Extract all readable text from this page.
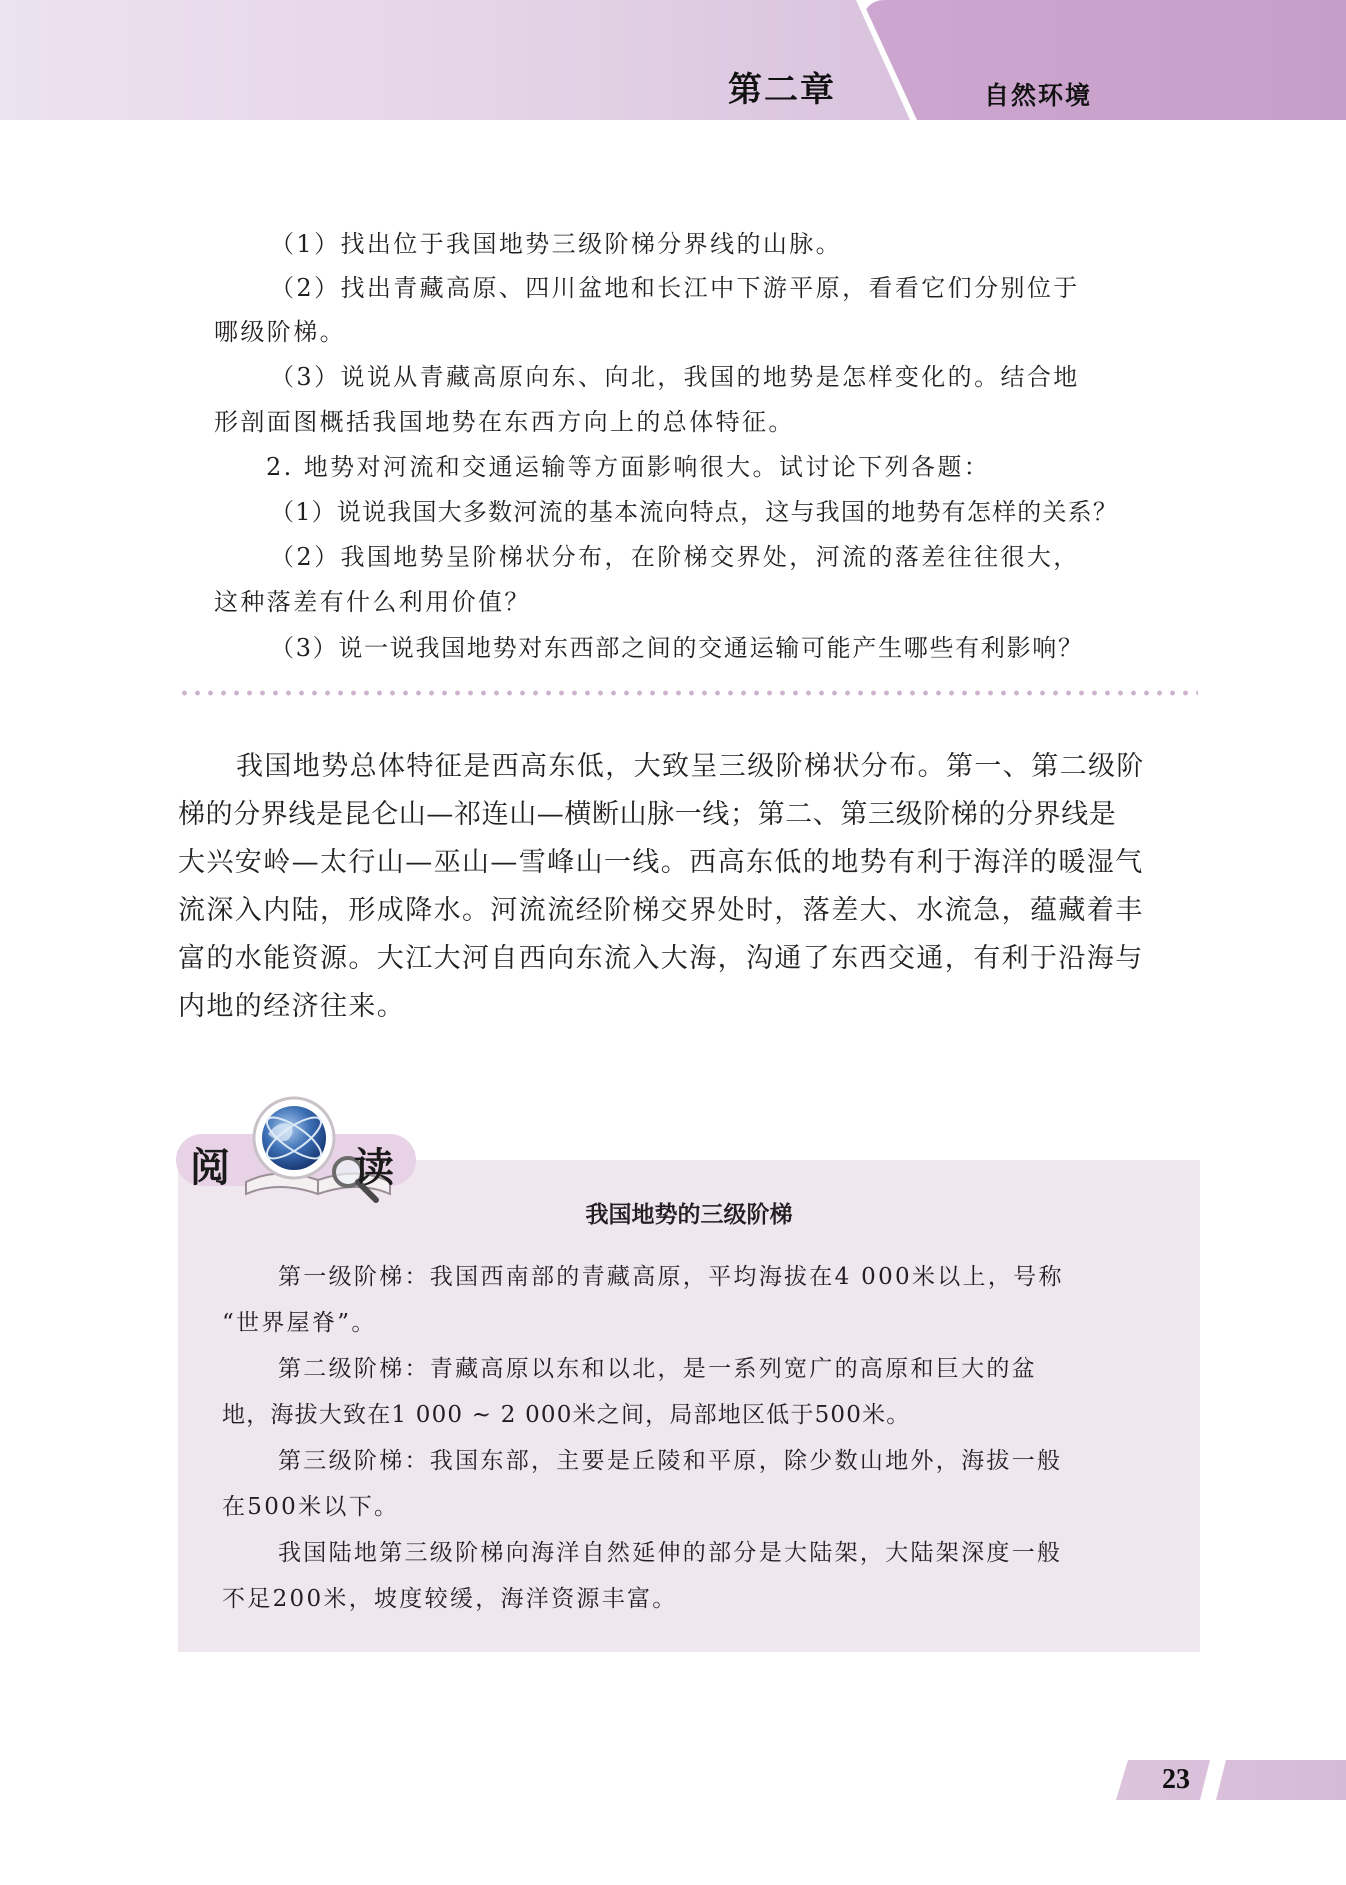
第二章	自然环境

（1）找出位于我国地势三级阶梯分界线的山脉。

（2）找出青藏高原、四川盆地和长江中下游平原，看看它们分别位于

哪级阶梯。

（3）说说从青藏高原向东、向北，我国的地势是怎样变化的。结合地

形剖面图概括我国地势在东西方向上的总体特征。

2. 地势对河流和交通运输等方面影响很大。试讨论下列各题：

（1）说说我国大多数河流的基本流向特点，这与我国的地势有怎样的关系？

（2）我国地势呈阶梯状分布，在阶梯交界处，河流的落差往往很大，

这种落差有什么利用价值？

（3）说一说我国地势对东西部之间的交通运输可能产生哪些有利影响？

我国地势总体特征是西高东低，大致呈三级阶梯状分布。第一、第二级阶

梯的分界线是昆仑山—祁连山—横断山脉一线；第二、第三级阶梯的分界线是

大兴安岭—太行山—巫山—雪峰山一线。西高东低的地势有利于海洋的暖湿气

流深入内陆，形成降水。河流流经阶梯交界处时，落差大、水流急，蕴藏着丰

富的水能资源。大江大河自西向东流入大海，沟通了东西交通，有利于沿海与

内地的经济往来。

阅	读

我国地势的三级阶梯

第一级阶梯：我国西南部的青藏高原，平均海拔在4 000米以上，号称

“世界屋脊”。

第二级阶梯：青藏高原以东和以北，是一系列宽广的高原和巨大的盆

地，海拔大致在1 000 ~ 2 000米之间，局部地区低于500米。

第三级阶梯：我国东部，主要是丘陵和平原，除少数山地外，海拔一般

在500米以下。

我国陆地第三级阶梯向海洋自然延伸的部分是大陆架，大陆架深度一般

不足200米，坡度较缓，海洋资源丰富。

23
